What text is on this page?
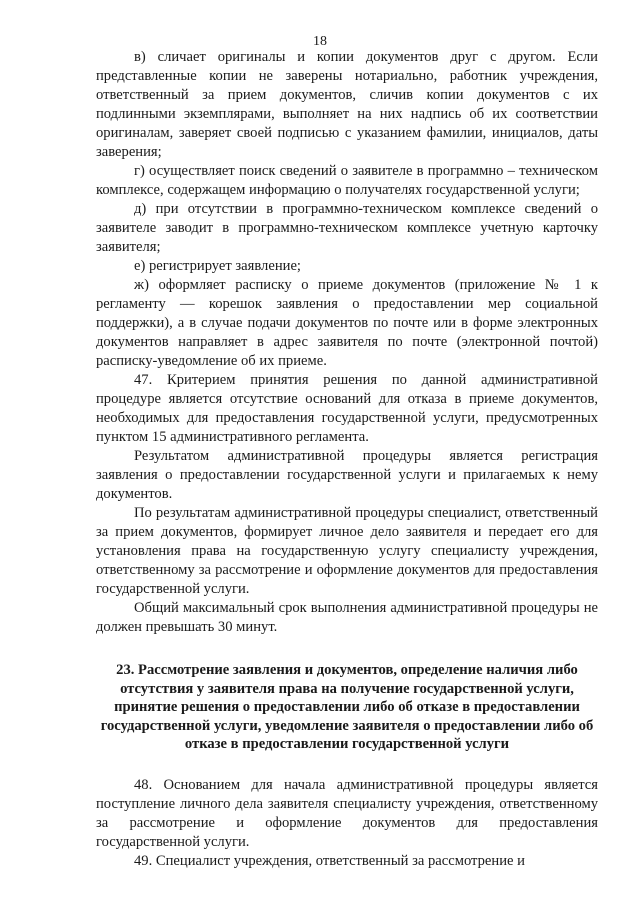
18

в) сличает оригиналы и копии документов друг с другом. Если представленные копии не заверены нотариально, работник учреждения, ответственный за прием документов, сличив копии документов с их подлинными экземплярами, выполняет на них надпись об их соответствии оригиналам, заверяет своей подписью с указанием фамилии, инициалов, даты заверения;

г) осуществляет поиск сведений о заявителе в программно – техническом комплексе, содержащем информацию о получателях государственной услуги;

д) при отсутствии в программно-техническом комплексе сведений о заявителе заводит в программно-техническом комплексе учетную карточку заявителя;

е) регистрирует заявление;

ж) оформляет расписку о приеме документов (приложение № 1 к регламенту — корешок заявления о предоставлении мер социальной поддержки), а в случае подачи документов по почте или в форме электронных документов направляет в адрес заявителя по почте (электронной почтой) расписку-уведомление об их приеме.

47. Критерием принятия решения по данной административной процедуре является отсутствие оснований для отказа в приеме документов, необходимых для предоставления государственной услуги, предусмотренных пунктом 15 административного регламента.

Результатом административной процедуры является регистрация заявления о предоставлении государственной услуги и прилагаемых к нему документов.

По результатам административной процедуры специалист, ответственный за прием документов, формирует личное дело заявителя и передает его для установления права на государственную услугу специалисту учреждения, ответственному за рассмотрение и оформление документов для предоставления государственной услуги.

Общий максимальный срок выполнения административной процедуры не должен превышать 30 минут.

23. Рассмотрение заявления и документов, определение наличия либо отсутствия у заявителя права на получение государственной услуги, принятие решения о предоставлении либо об отказе в предоставлении государственной услуги, уведомление заявителя о предоставлении либо об отказе в предоставлении государственной услуги

48. Основанием для начала административной процедуры является поступление личного дела заявителя специалисту учреждения, ответственному за рассмотрение и оформление документов для предоставления государственной услуги.

49. Специалист учреждения, ответственный за рассмотрение и
